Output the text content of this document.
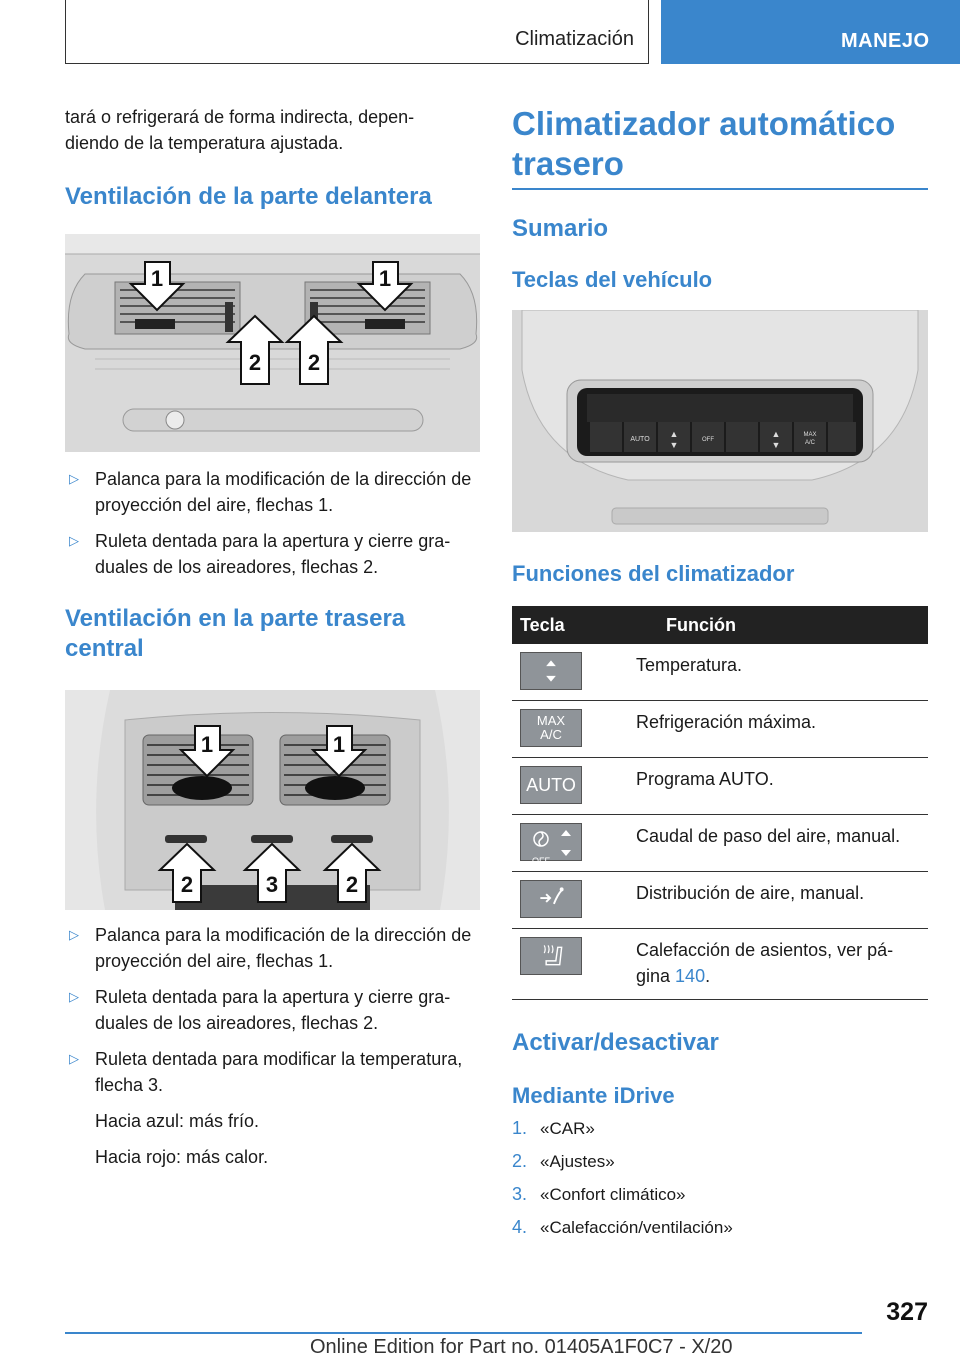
Climatización	MANEJO

tará o refrigerará de forma indirecta, depen-

diendo de la temperatura ajustada.

Ventilación de la parte delantera
1	1
2 2
▷ Palanca para la modificación de la dirección de proyección del aire, flechas 1.
▷ Ruleta dentada para la apertura y cierre gra-duales de los aireadores, flechas 2.
Ventilación en la parte trasera central
1	1
2	3	2
▷ Palanca para la modificación de la dirección de proyección del aire, flechas 1.
▷ Ruleta dentada para la apertura y cierre gra-duales de los aireadores, flechas 2.
▷ Ruleta dentada para modificar la temperatura, flecha 3.

Hacia azul: más frío.

Hacia rojo: más calor.

Climatizador automático
trasero
Sumario
Teclas del vehículo
AUTO
▲
▼	OFF
▲
▼
MAX
A/C
Funciones del climatizador
Tecla	Función

	Temperatura.

MAX
A/C	Refrigeración máxima.

AUTO	Programa AUTO.

OFF	Caudal de paso del aire, manual.

	Distribución de aire, manual.

Calefacción de asientos, ver pá-
gina 140.
Activar/desactivar
Mediante iDrive
1. «CAR»
2. «Ajustes»
3. «Confort climático»
4. «Calefacción/ventilación»
327
Online Edition for Part no. 01405A1F0C7 - X/20
